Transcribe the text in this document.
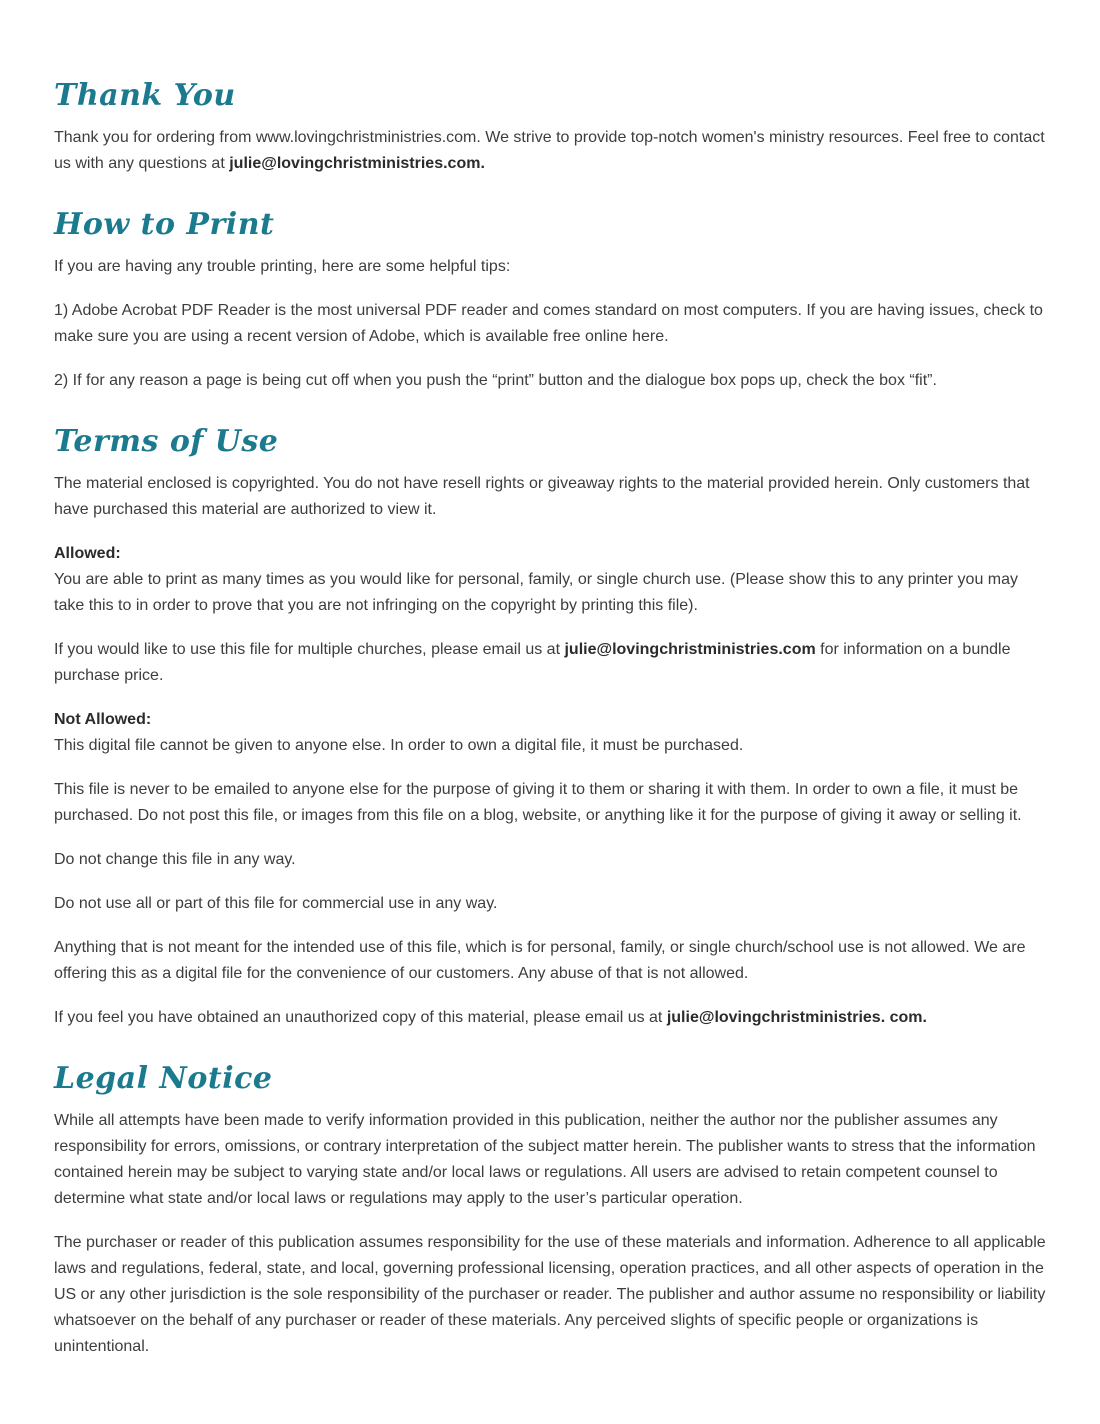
Thank You

Thank you for ordering from www.lovingchristministries.com. We strive to provide top-notch women's ministry resources. Feel free to contact us with any questions at julie@lovingchristministries.com.

How to Print

If you are having any trouble printing, here are some helpful tips:

1) Adobe Acrobat PDF Reader is the most universal PDF reader and comes standard on most computers. If you are having issues, check to make sure you are using a recent version of Adobe, which is available free online here.

2) If for any reason a page is being cut off when you push the “print” button and the dialogue box pops up, check the box “fit”.

Terms of Use

The material enclosed is copyrighted. You do not have resell rights or giveaway rights to the material provided herein. Only customers that have purchased this material are authorized to view it.

Allowed:
You are able to print as many times as you would like for personal, family, or single church use. (Please show this to any printer you may take this to in order to prove that you are not infringing on the copyright by printing this file).

If you would like to use this file for multiple churches, please email us at julie@lovingchristministries.com for information on a bundle purchase price.

Not Allowed:
This digital file cannot be given to anyone else. In order to own a digital file, it must be purchased.

This file is never to be emailed to anyone else for the purpose of giving it to them or sharing it with them. In order to own a file, it must be purchased. Do not post this file, or images from this file on a blog, website, or anything like it for the purpose of giving it away or selling it.

Do not change this file in any way.

Do not use all or part of this file for commercial use in any way.

Anything that is not meant for the intended use of this file, which is for personal, family, or single church/school use is not allowed. We are offering this as a digital file for the convenience of our customers. Any abuse of that is not allowed.

If you feel you have obtained an unauthorized copy of this material, please email us at julie@lovingchristministries. com.

Legal Notice

While all attempts have been made to verify information provided in this publication, neither the author nor the publisher assumes any responsibility for errors, omissions, or contrary interpretation of the subject matter herein. The publisher wants to stress that the information contained herein may be subject to varying state and/or local laws or regulations. All users are advised to retain competent counsel to determine what state and/or local laws or regulations may apply to the user’s particular operation.

The purchaser or reader of this publication assumes responsibility for the use of these materials and information. Adherence to all applicable laws and regulations, federal, state, and local, governing professional licensing, operation practices, and all other aspects of operation in the US or any other jurisdiction is the sole responsibility of the purchaser or reader. The publisher and author assume no responsibility or liability whatsoever on the behalf of any purchaser or reader of these materials. Any perceived slights of specific people or organizations is unintentional.
